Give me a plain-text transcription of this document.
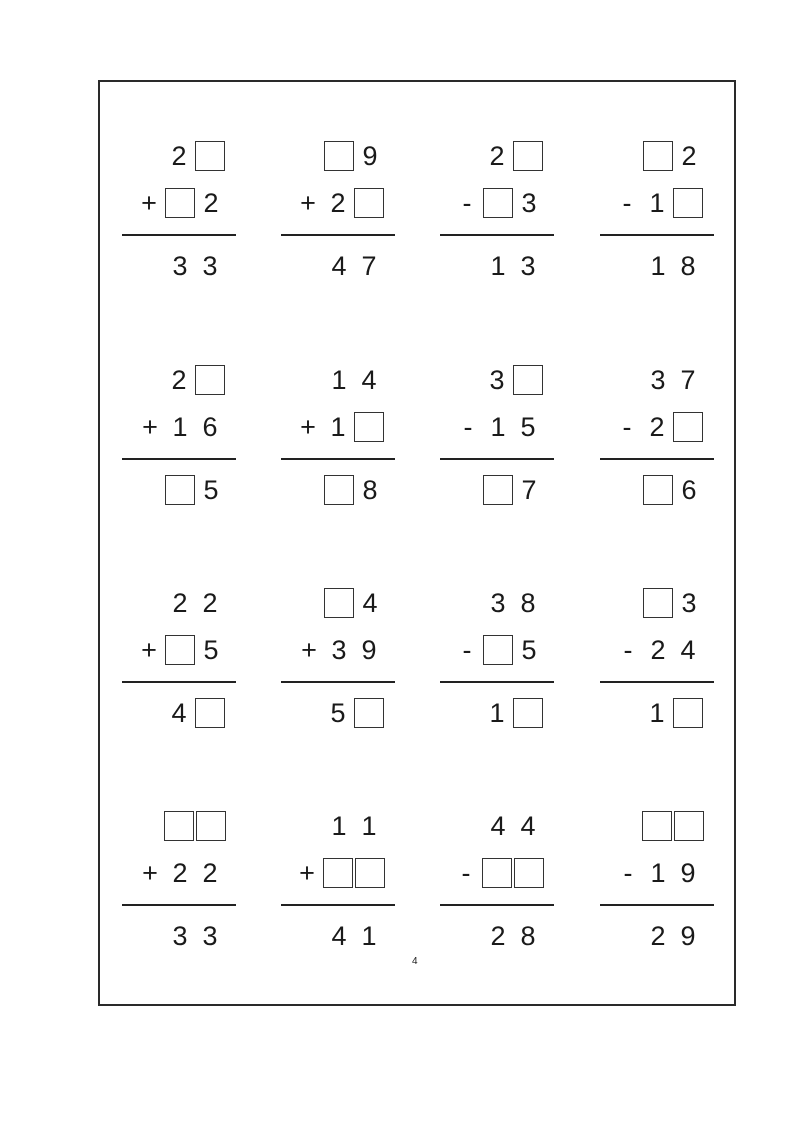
4
2
+ 2
3 3
9
+ 2
4 7
2
-	3
1 3
2
- 1
1 8
2
+ 1 6
5
1 4
+ 1
8
3
- 1 5
7
3 7
- 2
6
2 2
+ 5
4
4
+ 3 9
5
3 8
-	5
1
3
- 2 4
1
+ 2 2
3 3
1 1
+
4 1
4 4
-
2 8
- 1 9
2 9
